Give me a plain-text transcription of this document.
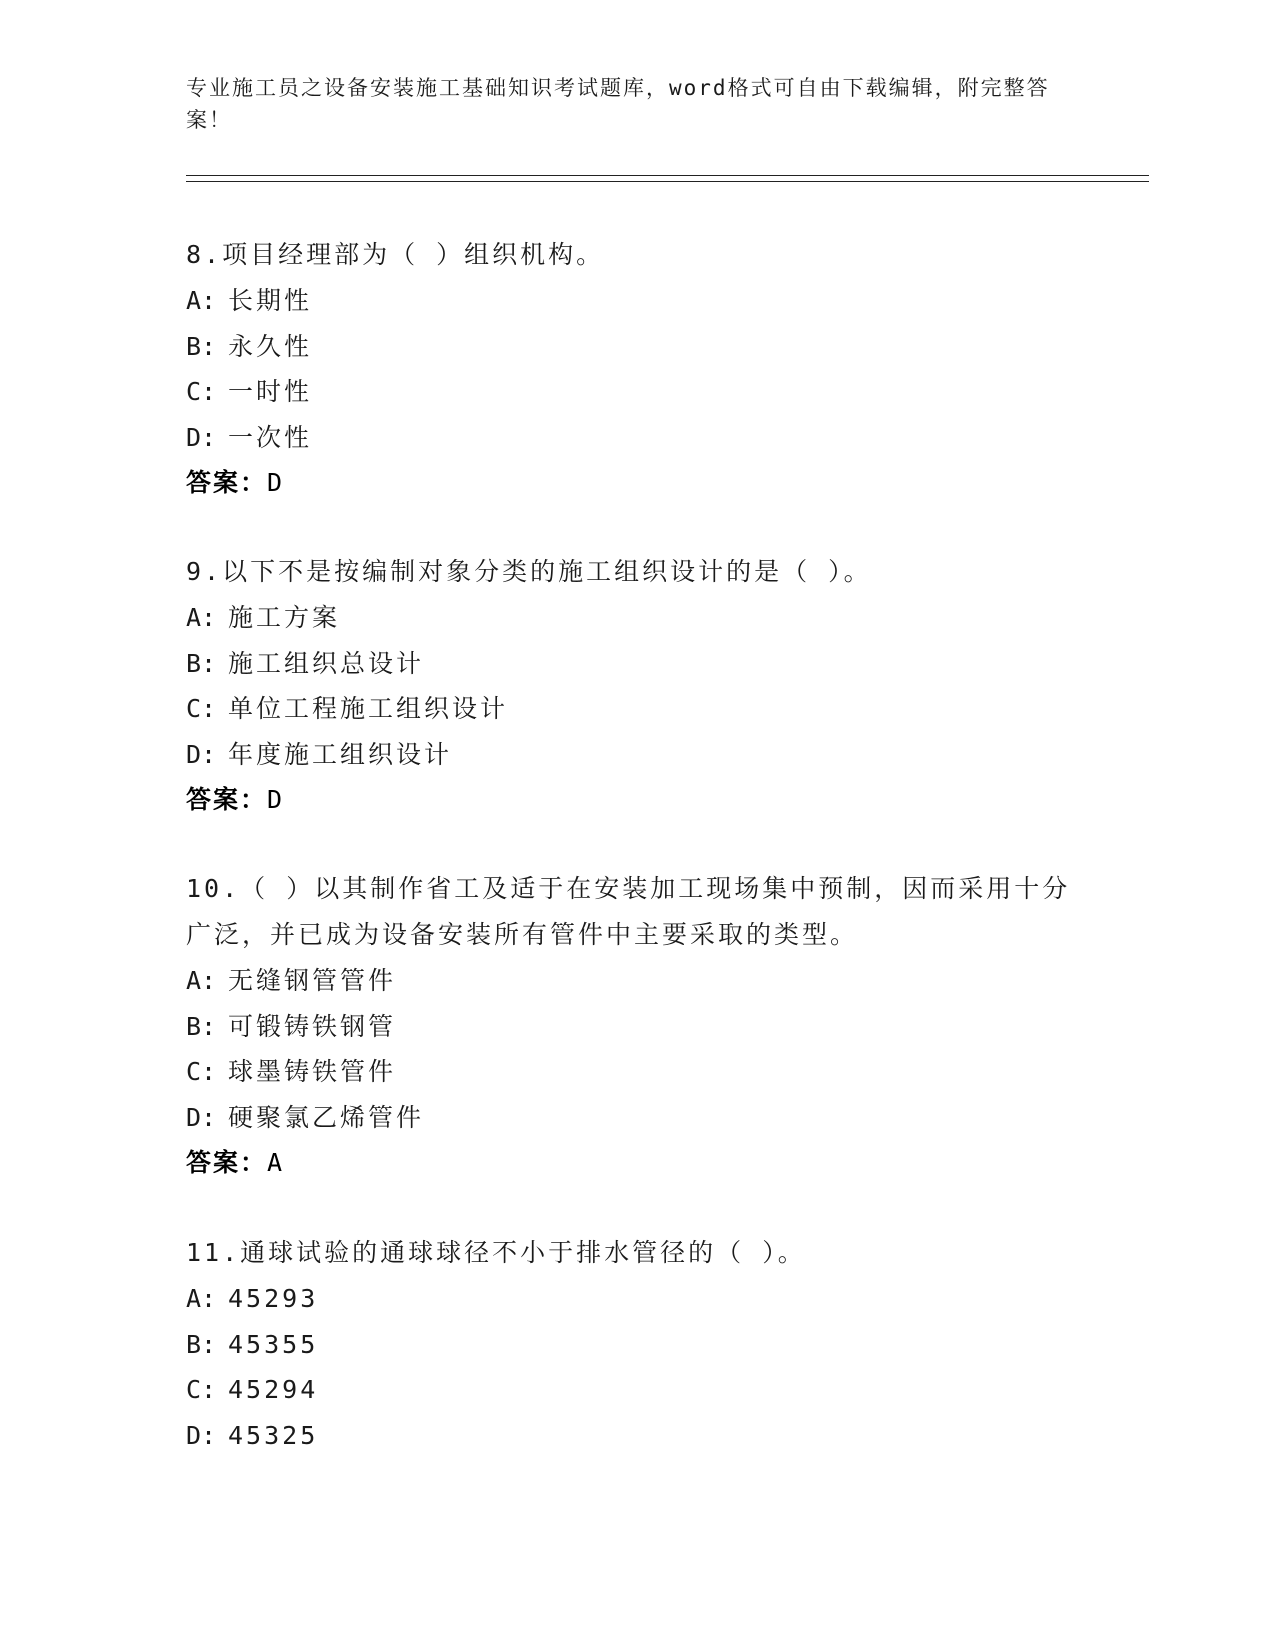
专业施工员之设备安装施工基础知识考试题库，word格式可自由下载编辑，附完整答案！
8.项目经理部为（ ）组织机构。
A: 长期性
B: 永久性
C: 一时性
D: 一次性
答案：D
9.以下不是按编制对象分类的施工组织设计的是（ ）。
A: 施工方案
B: 施工组织总设计
C: 单位工程施工组织设计
D: 年度施工组织设计
答案：D
10.（ ）以其制作省工及适于在安装加工现场集中预制，因而采用十分广泛，并已成为设备安装所有管件中主要采取的类型。
A: 无缝钢管管件
B: 可锻铸铁钢管
C: 球墨铸铁管件
D: 硬聚氯乙烯管件
答案：A
11.通球试验的通球球径不小于排水管径的（ ）。
A: 45293
B: 45355
C: 45294
D: 45325
